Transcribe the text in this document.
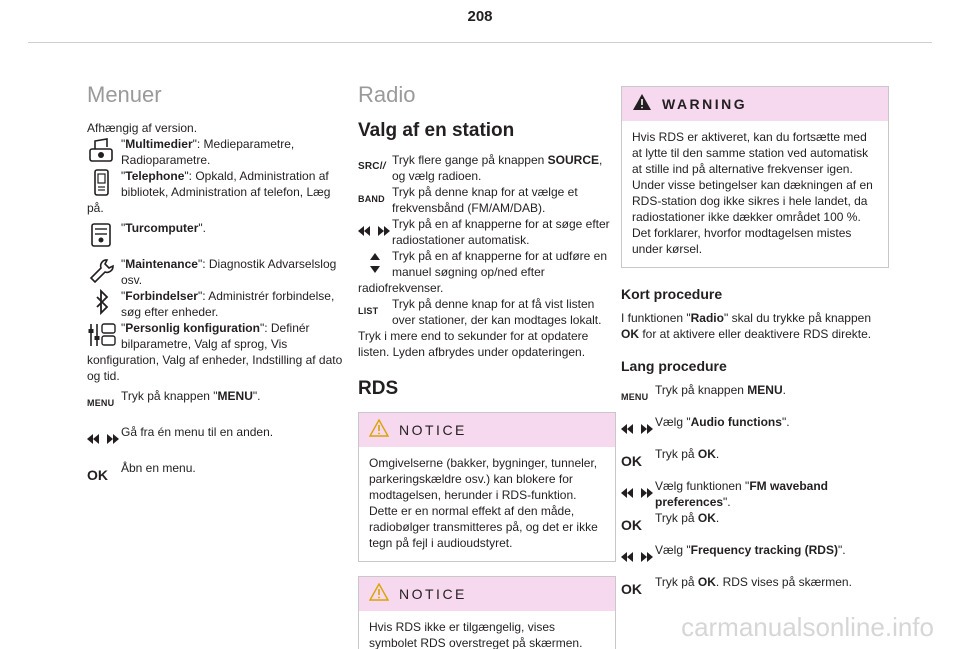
208
Menuer
Afhængig af version.
"Multimedier": Medieparametre, Radioparametre.
"Telephone": Opkald, Administration af bibliotek, Administration af telefon, Læg på.
"Turcomputer".
"Maintenance": Diagnostik Advarselslog osv.
"Forbindelser": Administrér forbindelse, søg efter enheder.
"Personlig konfiguration": Definér bilparametre, Valg af sprog, Vis konfiguration, Valg af enheder, Indstilling af dato og tid.
MENU Tryk på knappen "MENU".
Gå fra én menu til en anden.
OK	Åbn en menu.
Radio
Valg af en station
SRC/ / Tryk flere gange på knappen SOURCE, og vælg radioen.
BAND Tryk på denne knap for at vælge et frekvensbånd (FM/AM/DAB).
Tryk på en af knapperne for at søge efter radiostationer automatisk.
Tryk på en af knapperne for at udføre en manuel søgning op/ned efter radiofrekvenser.
LIST	Tryk på denne knap for at få vist listen over stationer, der kan modtages lokalt.
Tryk i mere end to sekunder for at opdatere listen. Lyden afbrydes under opdateringen.
RDS
NOTICE
Omgivelserne (bakker, bygninger, tunneler, parkeringskældre osv.) kan blokere for modtagelsen, herunder i RDS-funktion. Dette er en normal effekt af den måde, radiobølger transmitteres på, og det er ikke tegn på fejl i audioudstyret.
NOTICE
Hvis RDS ikke er tilgængelig, vises symbolet RDS overstreget på skærmen.
WARNING
Hvis RDS er aktiveret, kan du fortsætte med at lytte til den samme station ved automatisk at stille ind på alternative frekvenser igen. Under visse betingelser kan dækningen af en RDS-station dog ikke sikres i hele landet, da radiostationer ikke dækker området 100 %. Det forklarer, hvorfor modtagelsen mistes under kørsel.
Kort procedure
I funktionen "Radio" skal du trykke på knappen OK for at aktivere eller deaktivere RDS direkte.
Lang procedure
MENU Tryk på knappen MENU.
Vælg "Audio functions".
OK	Tryk på OK.
Vælg funktionen "FM waveband preferences".
OK	Tryk på OK.
Vælg "Frequency tracking (RDS)".
OK	Tryk på OK. RDS vises på skærmen.
carmanualsonline.info
